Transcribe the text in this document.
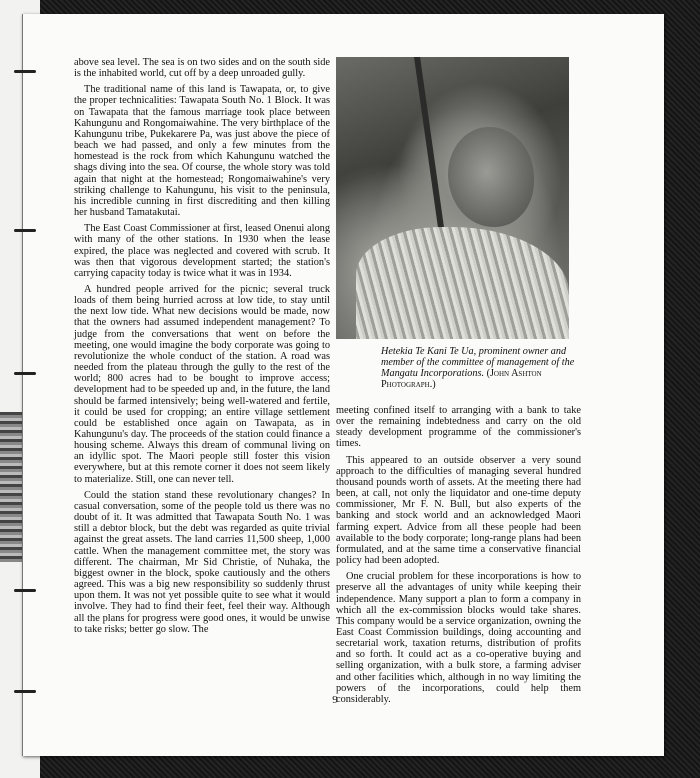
above sea level. The sea is on two sides and on the south side is the inhabited world, cut off by a deep unroaded gully.

The traditional name of this land is Tawapata, or, to give the proper technicalities: Tawapata South No. 1 Block. It was on Tawapata that the famous marriage took place between Kahungunu and Rongomaiwahine. The very birthplace of the Kahungunu tribe, Pukekarere Pa, was just above the piece of beach we had passed, and only a few minutes from the homestead is the rock from which Kahungunu watched the shags diving into the sea. Of course, the whole story was told again that night at the homestead; Rongomaiwahine's very striking challenge to Kahungunu, his visit to the peninsula, his incredible cunning in first discrediting and then killing her husband Tamatakutai.

The East Coast Commissioner at first, leased Onenui along with many of the other stations. In 1930 when the lease expired, the place was neglected and covered with scrub. It was then that vigorous development started; the station's carrying capacity today is twice what it was in 1934.

A hundred people arrived for the picnic; several truck loads of them being hurried across at low tide, to stay until the next low tide. What new decisions would be made, now that the owners had assumed independent management? To judge from the conversations that went on before the meeting, one would imagine the body corporate was going to revolutionize the whole conduct of the station. A road was needed from the plateau through the gully to the rest of the world; 800 acres had to be bought to improve access; development had to be speeded up and, in the future, the land should be farmed intensively; being well-watered and fertile, it could be used for cropping; an entire village settlement could be established once again on Tawapata, as in Kahungunu's day. The proceeds of the station could finance a housing scheme. Always this dream of communal living on an idyllic spot. The Maori people still foster this vision everywhere, but at this remote corner it does not seem likely to materialize. Still, one can never tell.

Could the station stand these revolutionary changes? In casual conversation, some of the people told us there was no doubt of it. It was admitted that Tawapata South No. 1 was still a debtor block, but the debt was regarded as quite trivial against the great assets. The land carries 11,500 sheep, 1,000 cattle. When the management committee met, the story was different. The chairman, Mr Sid Christie, of Nuhaka, the biggest owner in the block, spoke cautiously and the others agreed. This was a big new responsibility so suddenly thrust upon them. It was not yet possible quite to see what it would involve. They had to find their feet, feel their way. Although all the plans for progress were good ones, it would be unwise to take risks; better go slow. The

Hetekia Te Kani Te Ua, prominent owner and member of the committee of management of the Mangatu Incorporations. (John Ashton Photograph.)

meeting confined itself to arranging with a bank to take over the remaining indebtedness and carry on the old steady development programme of the commissioner's times.

This appeared to an outside observer a very sound approach to the difficulties of managing several hundred thousand pounds worth of assets. At the meeting there had been, at call, not only the liquidator and one-time deputy commissioner, Mr F. N. Bull, but also experts of the banking and stock world and an acknowledged Maori farming expert. Advice from all these people had been available to the body corporate; long-range plans had been formulated, and at the same time a conservative financial policy had been adopted.

One crucial problem for these incorporations is how to preserve all the advantages of unity while keeping their independence. Many support a plan to form a company in which all the ex-commission blocks would take shares. This company would be a service organization, owning the East Coast Commission buildings, doing accounting and secretarial work, taxation returns, distribution of profits and so forth. It could act as a co-operative buying and selling organization, with a bulk store, a farming adviser and other facilities which, although in no way limiting the powers of the incorporations, could help them considerably.

9
